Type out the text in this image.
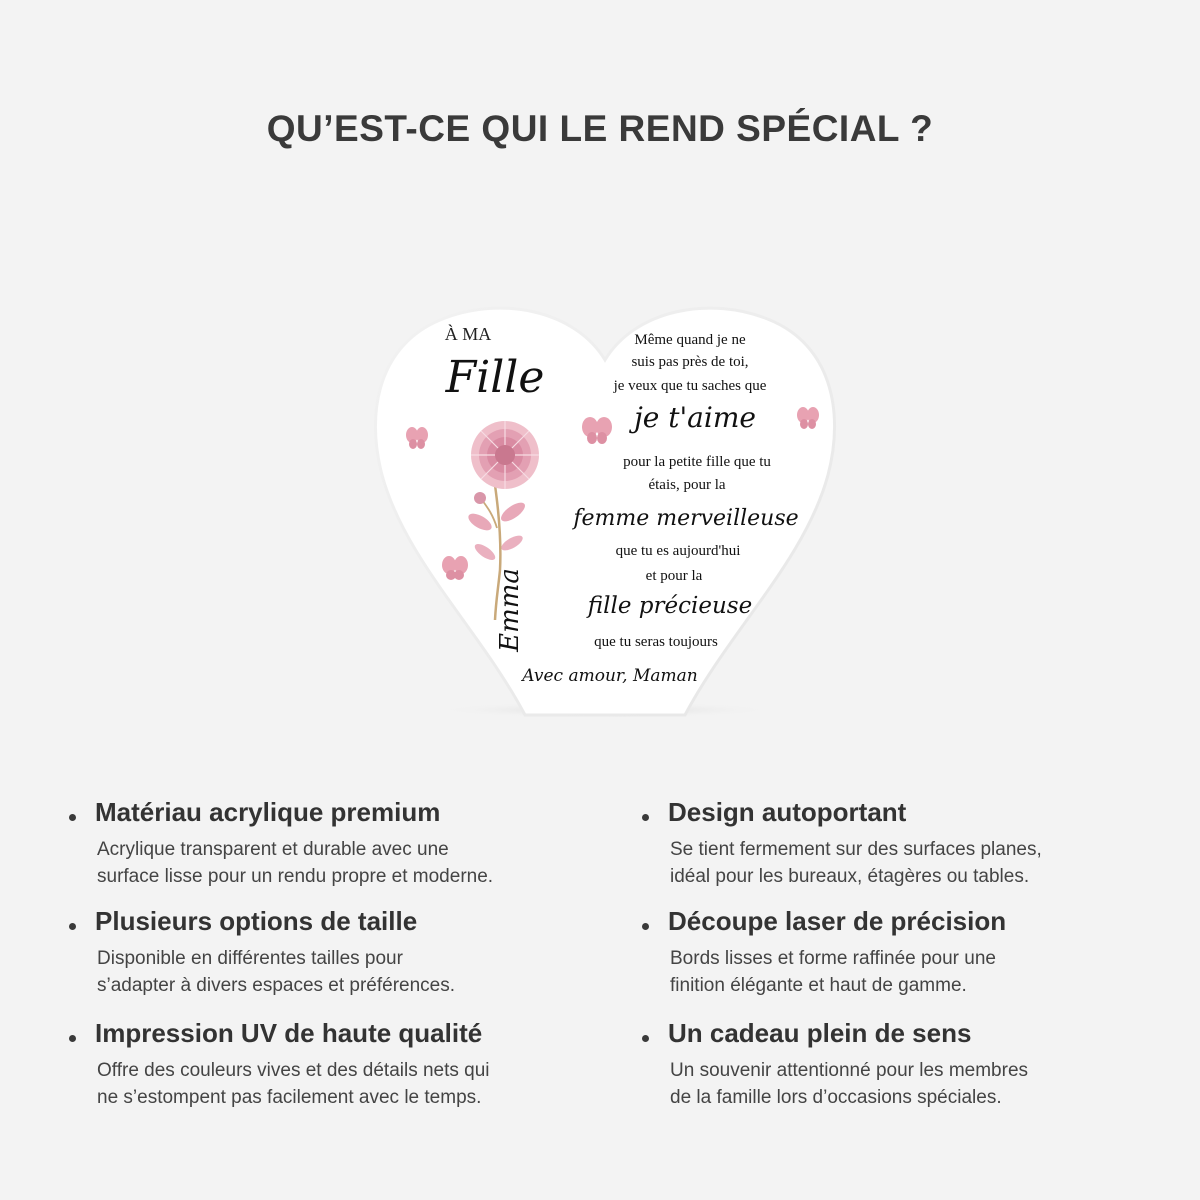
QU’EST-CE QUI LE REND SPÉCIAL ?
À MA
Fille
Emma
Même quand je ne
suis pas près de toi,
je veux que tu saches que
je t'aime
pour la petite fille que tu
étais, pour la
femme merveilleuse
que tu es aujourd'hui
et pour la
fille précieuse
que tu seras toujours
Avec amour, Maman
Matériau acrylique premium

Acrylique transparent et durable avec une
surface lisse pour un rendu propre et moderne.

Design autoportant

Se tient fermement sur des surfaces planes,
idéal pour les bureaux, étagères ou tables.

Plusieurs options de taille

Disponible en différentes tailles pour
s’adapter à divers espaces et préférences.

Découpe laser de précision

Bords lisses et forme raffinée pour une
finition élégante et haut de gamme.

Impression UV de haute qualité

Offre des couleurs vives et des détails nets qui
ne s’estompent pas facilement avec le temps.

Un cadeau plein de sens

Un souvenir attentionné pour les membres
de la famille lors d’occasions spéciales.
